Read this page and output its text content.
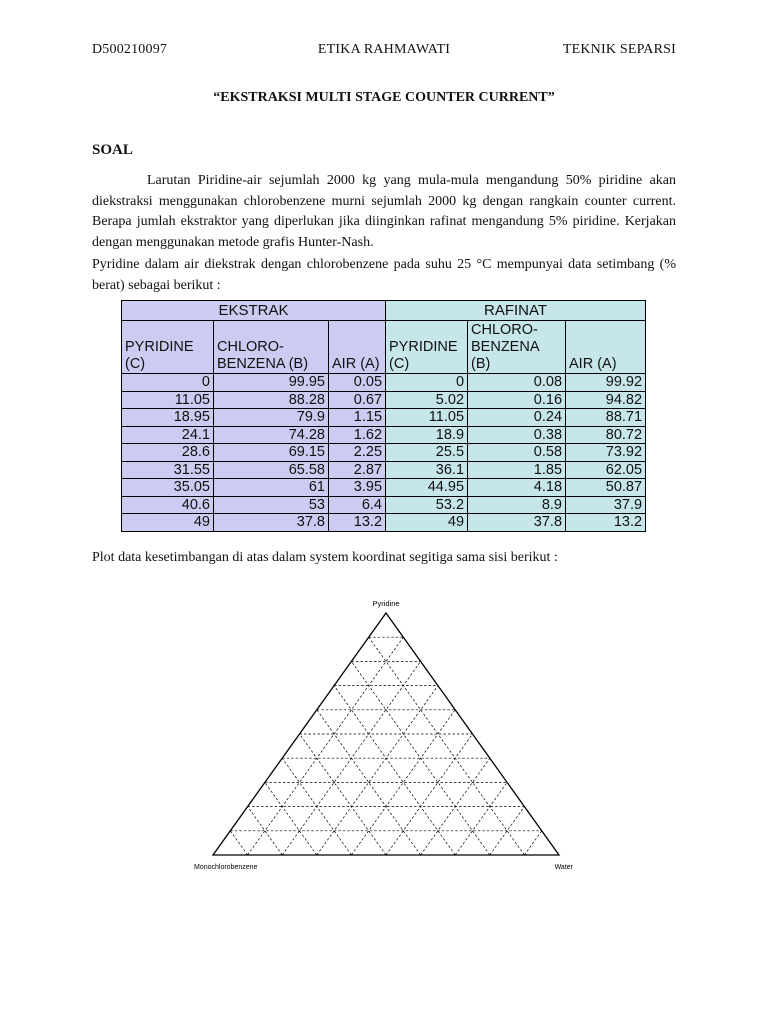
D500210097	ETIKA RAHMAWATI	TEKNIK SEPARSI
“EKSTRAKSI MULTI STAGE COUNTER CURRENT”
SOAL
Larutan Piridine-air sejumlah 2000 kg yang mula-mula mengandung 50% piridine akan diekstraksi menggunakan chlorobenzene murni sejumlah 2000 kg dengan rangkain counter current. Berapa jumlah ekstraktor yang diperlukan jika diinginkan rafinat mengandung 5% piridine. Kerjakan dengan menggunakan metode grafis Hunter-Nash.
Pyridine dalam air diekstrak dengan chlorobenzene pada suhu 25 °C mempunyai data setimbang (% berat) sebagai berikut :
EKSTRAK			RAFINAT		
PYRIDINE (C)	CHLORO-BENZENA (B)	AIR (A)	PYRIDINE (C)	CHLORO-BENZENA (B)	AIR (A)
0	99.95	0.05	0	0.08	99.92
11.05	88.28	0.67	5.02	0.16	94.82
18.95	79.9	1.15	11.05	0.24	88.71
24.1	74.28	1.62	18.9	0.38	80.72
28.6	69.15	2.25	25.5	0.58	73.92
31.55	65.58	2.87	36.1	1.85	62.05
35.05	61	3.95	44.95	4.18	50.87
40.6	53	6.4	53.2	8.9	37.9
49	37.8	13.2	49	37.8	13.2
Plot data kesetimbangan di atas dalam system koordinat segitiga sama sisi berikut :
Pyridine
Monochlorobenzene	Water
